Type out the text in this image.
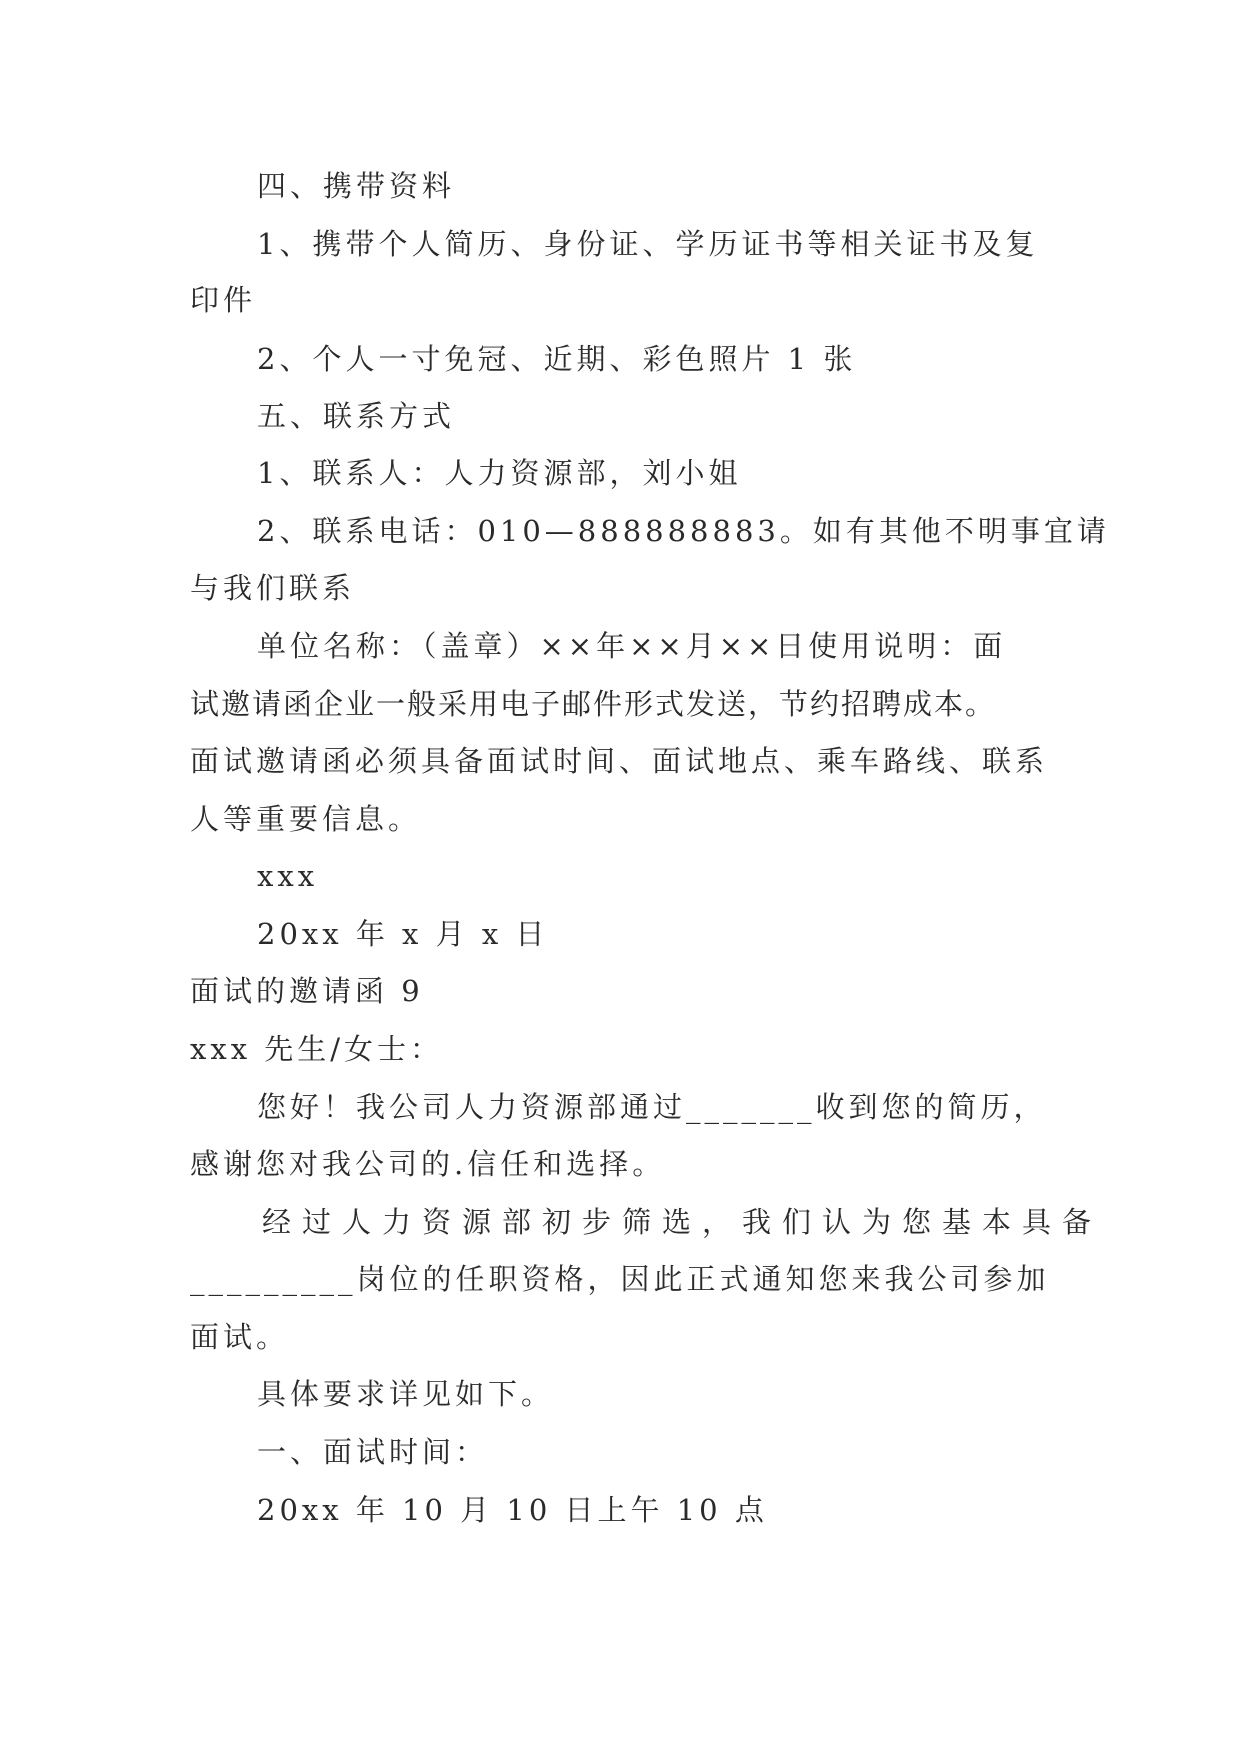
四、携带资料
1、携带个人简历、身份证、学历证书等相关证书及复
印件
2、个人一寸免冠、近期、彩色照片 1 张
五、联系方式
1、联系人：人力资源部，刘小姐
2、联系电话：010—888888883。如有其他不明事宜请
与我们联系
单位名称：（盖章）××年××月××日使用说明：面
试邀请函企业一般采用电子邮件形式发送，节约招聘成本。
面试邀请函必须具备面试时间、面试地点、乘车路线、联系
人等重要信息。
xxx
20xx 年 x 月 x 日
面试的邀请函 9
xxx 先生/女士：
您好！我公司人力资源部通过_______收到您的简历，
感谢您对我公司的.信任和选择。
经过人力资源部初步筛选，我们认为您基本具备
_________岗位的任职资格，因此正式通知您来我公司参加
面试。
具体要求详见如下。
一、面试时间：
20xx 年 10 月 10 日上午 10 点
